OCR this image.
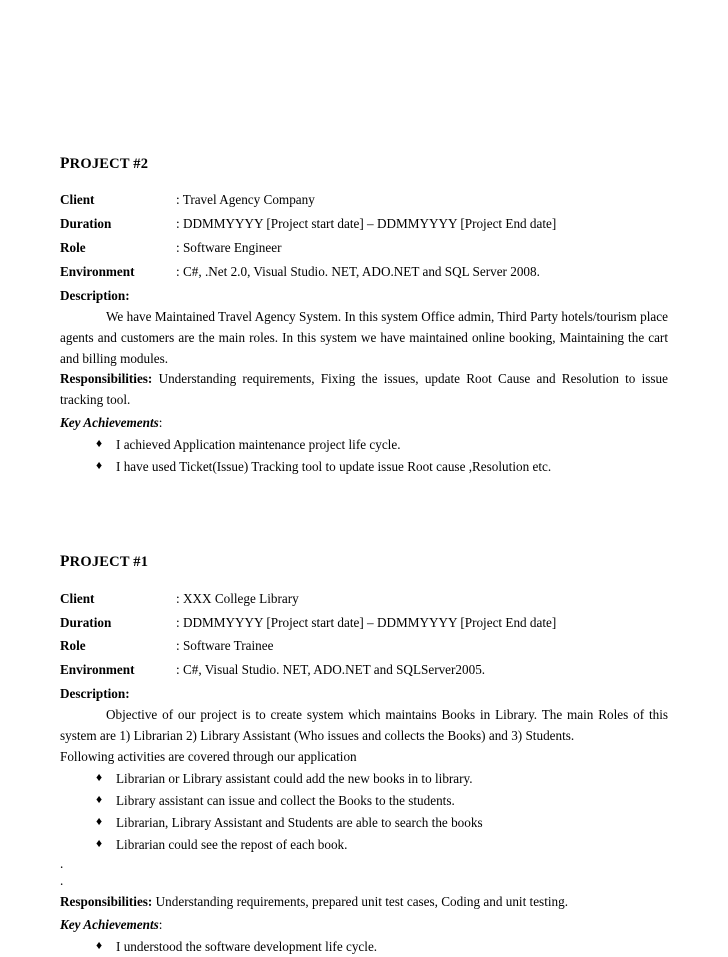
PROJECT #2
Client	: Travel Agency Company
Duration	: DDMMYYYY [Project start date] – DDMMYYYY [Project End date]
Role	: Software Engineer
Environment	: C#, .Net 2.0, Visual Studio. NET, ADO.NET and SQL Server 2008.
Description:

We have Maintained Travel Agency System. In this system Office admin, Third Party hotels/tourism place agents and customers are the main roles. In this system we have maintained online booking, Maintaining the cart and billing modules.

Responsibilities: Understanding requirements, Fixing the issues, update Root Cause and Resolution to issue tracking tool.

Key Achievements:

♦ I achieved Application maintenance project life cycle.
♦ I have used Ticket(Issue) Tracking tool to update issue Root cause ,Resolution etc.
PROJECT #1
Client	: XXX College Library
Duration	: DDMMYYYY [Project start date] – DDMMYYYY [Project End date]
Role	: Software Trainee
Environment	: C#, Visual Studio. NET, ADO.NET and SQLServer2005.
Description:

Objective of our project is to create system which maintains Books in Library. The main Roles of this system are 1) Librarian 2) Library Assistant (Who issues and collects the Books) and 3) Students.

Following activities are covered through our application

♦ Librarian or Library assistant could add the new books in to library.
♦ Library assistant can issue and collect the Books to the students.
♦ Librarian, Library Assistant and Students are able to search the books
♦ Librarian could see the repost of each book.

.

.

Responsibilities: Understanding requirements, prepared unit test cases, Coding and unit testing.

Key Achievements:

♦ I understood the software development life cycle.
